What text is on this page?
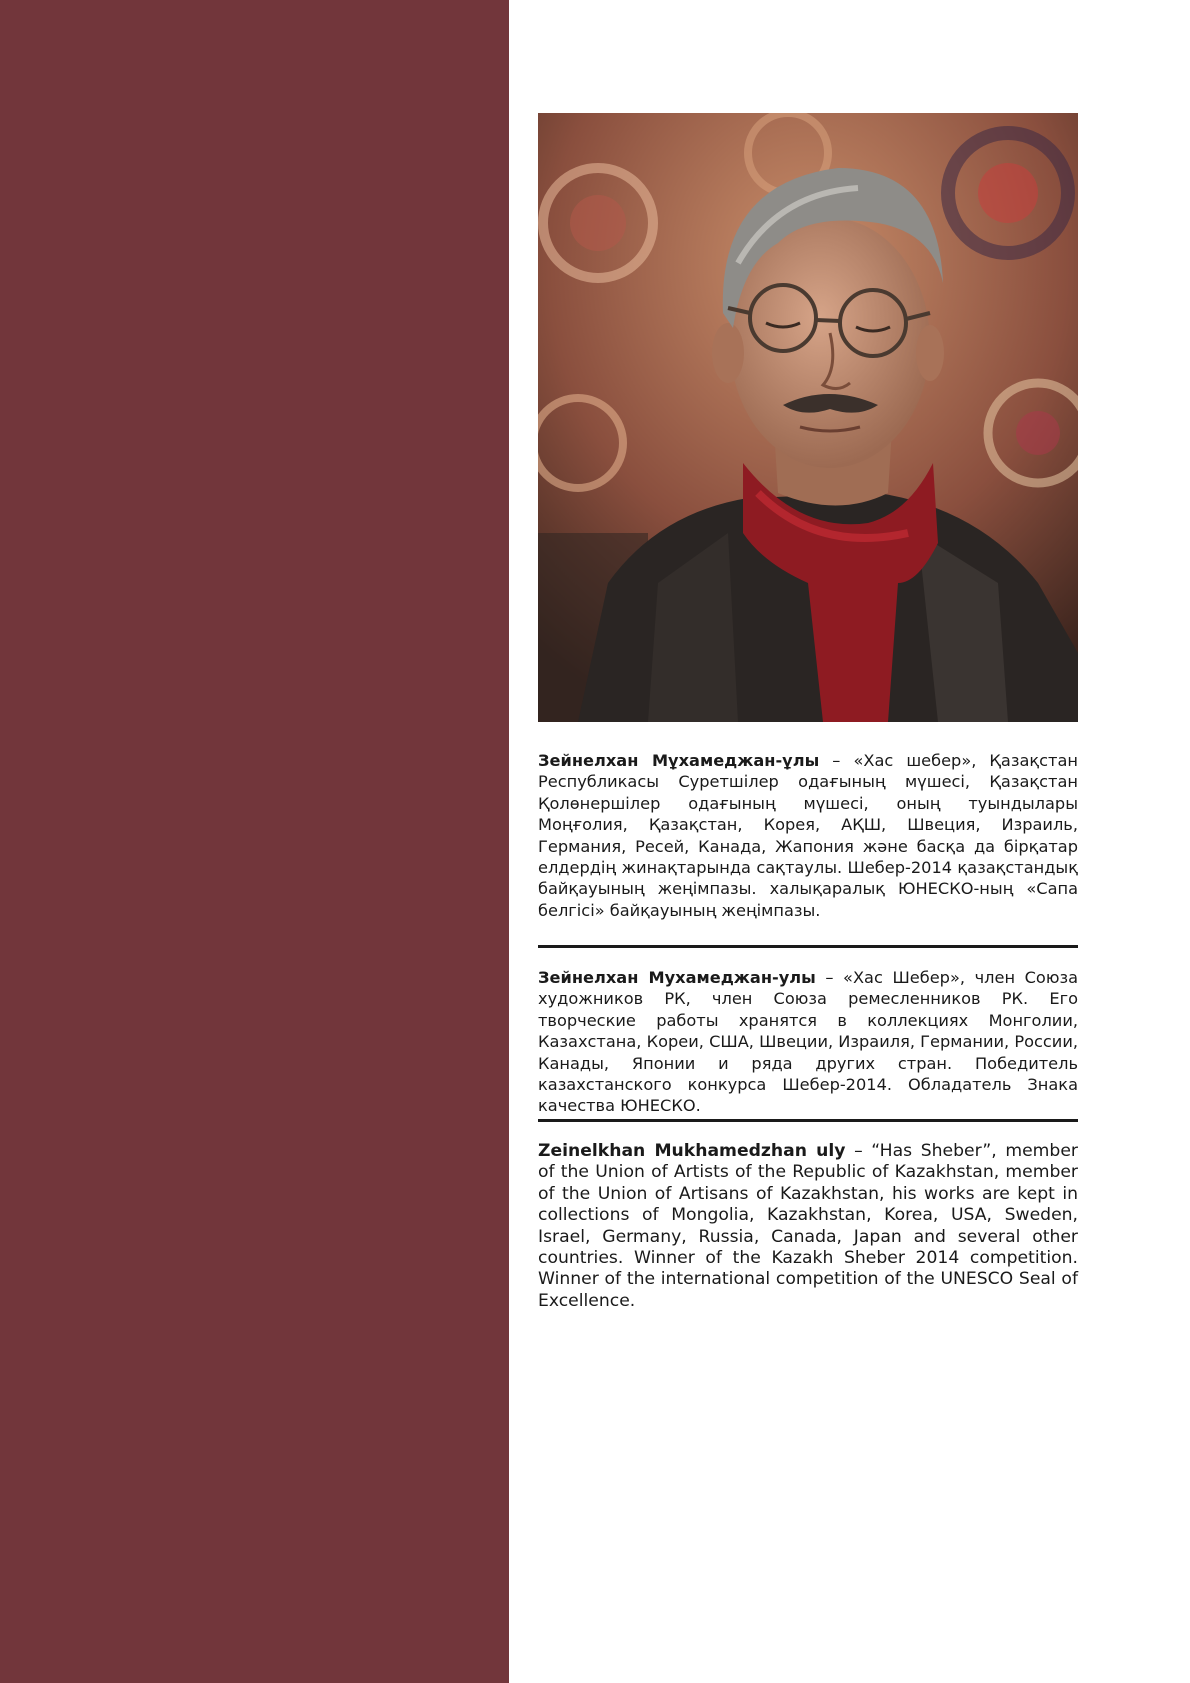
Зейнелхан Мұхамеджан-ұлы – «Хас шебер», Қазақстан Республикасы Суретшілер одағының мүшесі, Қазақстан Қолөнершілер одағының мүшесі, оның туындылары Моңғолия, Қазақстан, Корея, АҚШ, Швеция, Израиль, Германия, Ресей, Канада, Жапония және басқа да бірқатар елдердің жинақтарында сақтаулы. Шебер-2014 қазақстандық байқауының жеңімпазы. халықаралық ЮНЕСКО-ның «Сапа белгісі» байқауының жеңімпазы.

Зейнелхан Мухамеджан-улы – «Хас Шебер», член Союза художников РК, член Союза ремесленников РК. Его творческие работы хранятся в коллекциях Монголии, Казахстана, Кореи, США, Швеции, Израиля, Германии, России, Канады, Японии и ряда других стран. Победитель казахстанского конкурса Шебер-2014. Обладатель Знака качества ЮНЕСКО.

Zeinelkhan Mukhamedzhan uly – “Has Sheber”, member of the Union of Artists of the Republic of Kazakhstan, member of the Union of Artisans of Kazakhstan, his works are kept in collections of Mongolia, Kazakhstan, Korea, USA, Sweden, Israel, Germany, Russia, Canada, Japan and several other countries. Winner of the Kazakh Sheber 2014 competition. Winner of the international competition of the UNESCO Seal of Excellence.
